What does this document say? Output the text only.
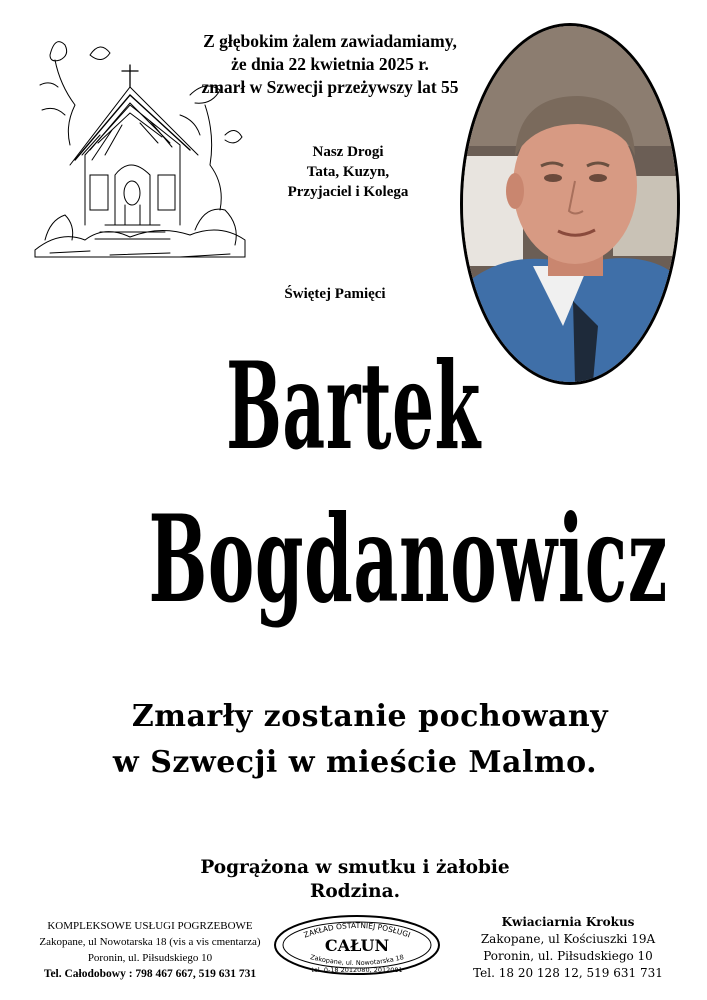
Z głębokim żalem zawiadamiamy,
że dnia 22 kwietnia 2025 r.
zmarł w Szwecji przeżywszy lat 55
Nasz Drogi
Tata, Kuzyn,
Przyjaciel i Kolega
Świętej Pamięci
Bartek
Bogdanowicz
Zmarły zostanie pochowany
w Szwecji w mieście Malmo.
Pogrążona w smutku i żałobie
Rodzina.
KOMPLEKSOWE USŁUGI POGRZEBOWE
Zakopane, ul Nowotarska 18 (vis a vis cmentarza)
Poronin, ul. Piłsudskiego 10
Tel. Całodobowy : 798 467 667, 519 631 731
ZAKŁAD OSTATNIEJ POSŁUGI
CAŁUN
Zakopane, ul. Nowotarska 18
tel. 0-18 2012080, 2012081
Kwiaciarnia Krokus
Zakopane, ul Kościuszki 19A
Poronin, ul. Piłsudskiego 10
Tel. 18 20 128 12, 519 631 731
